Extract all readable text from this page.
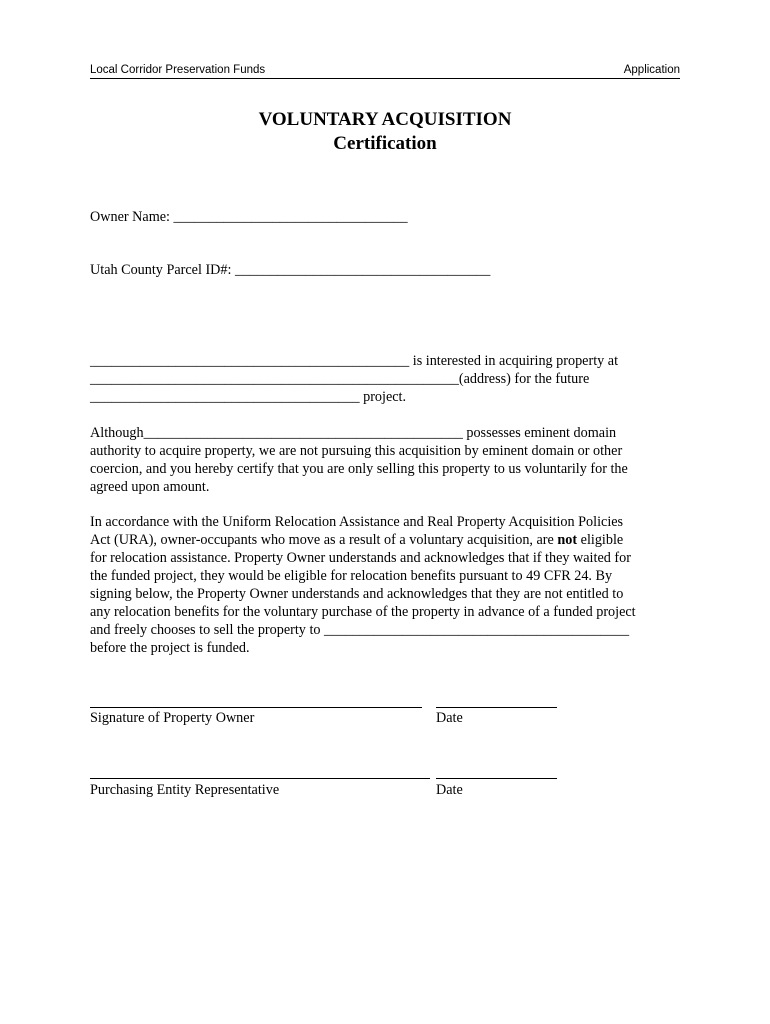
Local Corridor Preservation Funds	Application
VOLUNTARY ACQUISITION
Certification
Owner Name: _________________________________
Utah County Parcel ID#: ____________________________________

_____________________________________________ is interested in acquiring property at

____________________________________________________(address) for the future

______________________________________ project.

Although_____________________________________________ possesses eminent domain

authority to acquire property, we are not pursuing this acquisition by eminent domain or other

coercion, and you hereby certify that you are only selling this property to us voluntarily for the

agreed upon amount.

In accordance with the Uniform Relocation Assistance and Real Property Acquisition Policies

Act (URA), owner-occupants who move as a result of a voluntary acquisition, are not eligible

for relocation assistance. Property Owner understands and acknowledges that if they waited for

the funded project, they would be eligible for relocation benefits pursuant to 49 CFR 24. By

signing below, the Property Owner understands and acknowledges that they are not entitled to

any relocation benefits for the voluntary purchase of the property in advance of a funded project

and freely chooses to sell the property to ___________________________________________

before the project is funded.

Signature of Property Owner	Date
Purchasing Entity Representative	Date
